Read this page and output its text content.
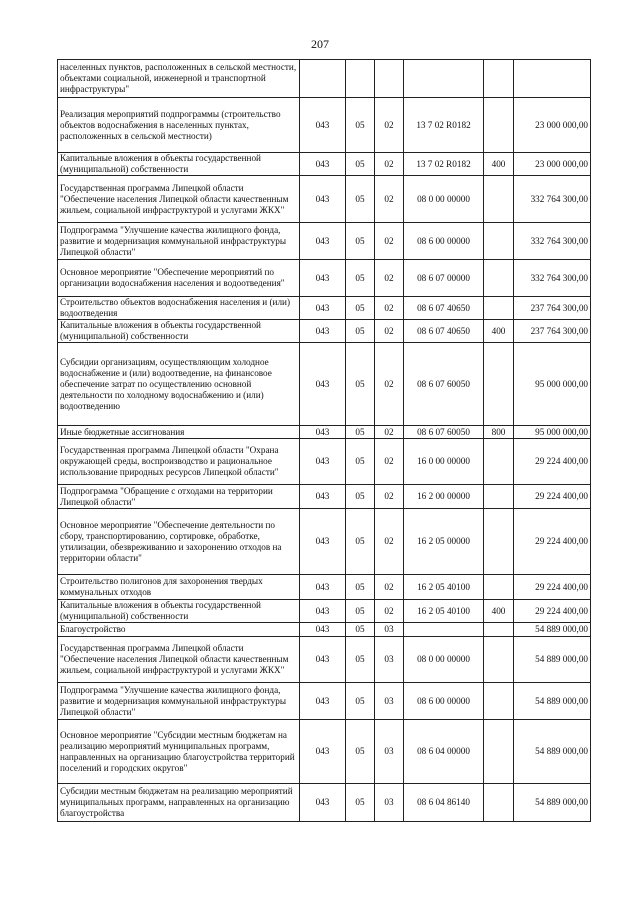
207
населенных пунктов, расположенных в сельской местности, объектами социальной, инженерной и транспортной инфраструктуры"						
Реализация мероприятий подпрограммы (строительство объектов водоснабжения в населенных пунктах, расположенных в сельской местности)	043	05	02	13 7 02 R0182		23 000 000,00
Капитальные вложения в объекты государственной (муниципальной) собственности	043	05	02	13 7 02 R0182	400	23 000 000,00
Государственная программа Липецкой области "Обеспечение населения Липецкой области качественным жильем, социальной инфраструктурой и услугами ЖКХ"	043	05	02	08 0 00 00000		332 764 300,00
Подпрограмма "Улучшение качества жилищного фонда, развитие и модернизация коммунальной инфраструктуры Липецкой области"	043	05	02	08 6 00 00000		332 764 300,00
Основное мероприятие "Обеспечение мероприятий по организации водоснабжения населения и водоотведения"	043	05	02	08 6 07 00000		332 764 300,00
Строительство объектов водоснабжения населения и (или) водоотведения	043	05	02	08 6 07 40650		237 764 300,00
Капитальные вложения в объекты государственной (муниципальной) собственности	043	05	02	08 6 07 40650	400	237 764 300,00
Субсидии организациям, осуществляющим холодное водоснабжение и (или) водоотведение, на финансовое обеспечение затрат по осуществлению основной деятельности по холодному водоснабжению и (или) водоотведению	043	05	02	08 6 07 60050		95 000 000,00
Иные бюджетные ассигнования	043	05	02	08 6 07 60050	800	95 000 000,00
Государственная программа Липецкой области "Охрана окружающей среды, воспроизводство и рациональное использование природных ресурсов Липецкой области"	043	05	02	16 0 00 00000		29 224 400,00
Подпрограмма "Обращение с отходами на территории Липецкой области"	043	05	02	16 2 00 00000		29 224 400,00
Основное мероприятие "Обеспечение деятельности по сбору, транспортированию, сортировке, обработке, утилизации, обезвреживанию и захоронению отходов на территории области"	043	05	02	16 2 05 00000		29 224 400,00
Строительство полигонов для захоронения твердых коммунальных отходов	043	05	02	16 2 05 40100		29 224 400,00
Капитальные вложения в объекты государственной (муниципальной) собственности	043	05	02	16 2 05 40100	400	29 224 400,00
Благоустройство	043	05	03			54 889 000,00
Государственная программа Липецкой области "Обеспечение населения Липецкой области качественным жильем, социальной инфраструктурой и услугами ЖКХ"	043	05	03	08 0 00 00000		54 889 000,00
Подпрограмма "Улучшение качества жилищного фонда, развитие и модернизация коммунальной инфраструктуры Липецкой области"	043	05	03	08 6 00 00000		54 889 000,00
Основное мероприятие "Субсидии местным бюджетам на реализацию мероприятий муниципальных программ, направленных на организацию благоустройства территорий поселений и городских округов"	043	05	03	08 6 04 00000		54 889 000,00
Субсидии местным бюджетам на реализацию мероприятий муниципальных программ, направленных на организацию благоустройства	043	05	03	08 6 04 86140		54 889 000,00
